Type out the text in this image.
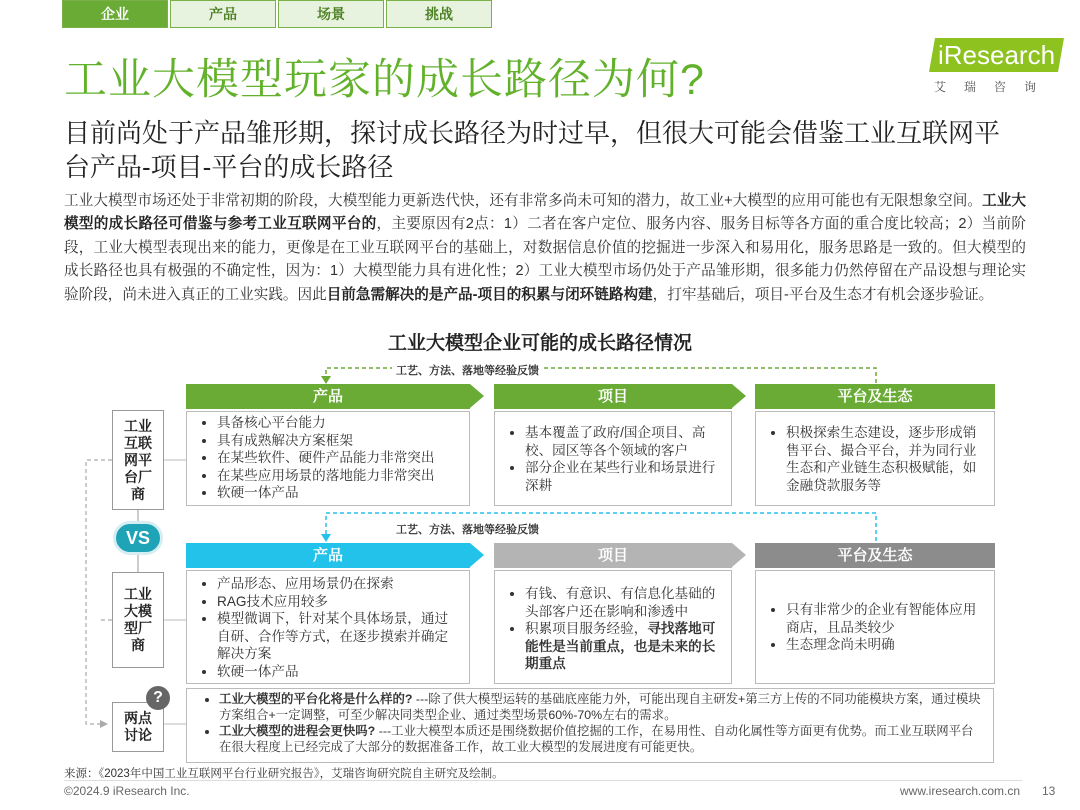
企业	产品	场景	挑战
工业大模型玩家的成长路径为何?
iResearch
艾瑞咨询
目前尚处于产品雏形期，探讨成长路径为时过早，但很大可能会借鉴工业互联网平台产品-项目-平台的成长路径
工业大模型市场还处于非常初期的阶段，大模型能力更新迭代快，还有非常多尚未可知的潜力，故工业+大模型的应用可能也有无限想象空间。工业大模型的成长路径可借鉴与参考工业互联网平台的，主要原因有2点：1）二者在客户定位、服务内容、服务目标等各方面的重合度比较高；2）当前阶段，工业大模型表现出来的能力，更像是在工业互联网平台的基础上，对数据信息价值的挖掘进一步深入和易用化，服务思路是一致的。但大模型的成长路径也具有极强的不确定性，因为：1）大模型能力具有进化性；2）工业大模型市场仍处于产品雏形期，很多能力仍然停留在产品设想与理论实验阶段，尚未进入真正的工业实践。因此目前急需解决的是产品-项目的积累与闭环链路构建，打牢基础后，项目-平台及生态才有机会逐步验证。
工业大模型企业可能的成长路径情况
工艺、方法、落地等经验反馈
工艺、方法、落地等经验反馈
工业互联网平台厂商
产品	项目	平台及生态
• 具备核心平台能力
• 具有成熟解决方案框架
• 在某些软件、硬件产品能力非常突出
• 在某些应用场景的落地能力非常突出
• 软硬一体产品
• 基本覆盖了政府/国企项目、高校、园区等各个领域的客户
• 部分企业在某些行业和场景进行深耕
• 积极探索生态建设，逐步形成销售平台、撮合平台，并为同行业生态和产业链生态积极赋能，如金融贷款服务等
VS
工业大模型厂商
产品	项目	平台及生态
• 产品形态、应用场景仍在探索
• RAG技术应用较多
• 模型微调下，针对某个具体场景，通过自研、合作等方式，在逐步摸索并确定解决方案
• 软硬一体产品
• 有钱、有意识、有信息化基础的头部客户还在影响和渗透中
• 积累项目服务经验，寻找落地可能性是当前重点，也是未来的长期重点
• 只有非常少的企业有智能体应用商店，且品类较少
• 生态理念尚未明确
两点讨论
?
•	工业大模型的平台化将是什么样的? ---除了供大模型运转的基础底座能力外，可能出现自主研发+第三方上传的不同功能模块方案，通过模块方案组合+一定调整，可至少解决同类型企业、通过类型场景60%-70%左右的需求。
• 工业大模型的进程会更快吗? ---工业大模型本质还是围绕数据价值挖掘的工作，在易用性、自动化属性等方面更有优势。而工业互联网平台在很大程度上已经完成了大部分的数据准备工作，故工业大模型的发展进度有可能更快。
来源：《2023年中国工业互联网平台行业研究报告》，艾瑞咨询研究院自主研究及绘制。
©2024.9 iResearch Inc.	www.iresearch.com.cn 13
